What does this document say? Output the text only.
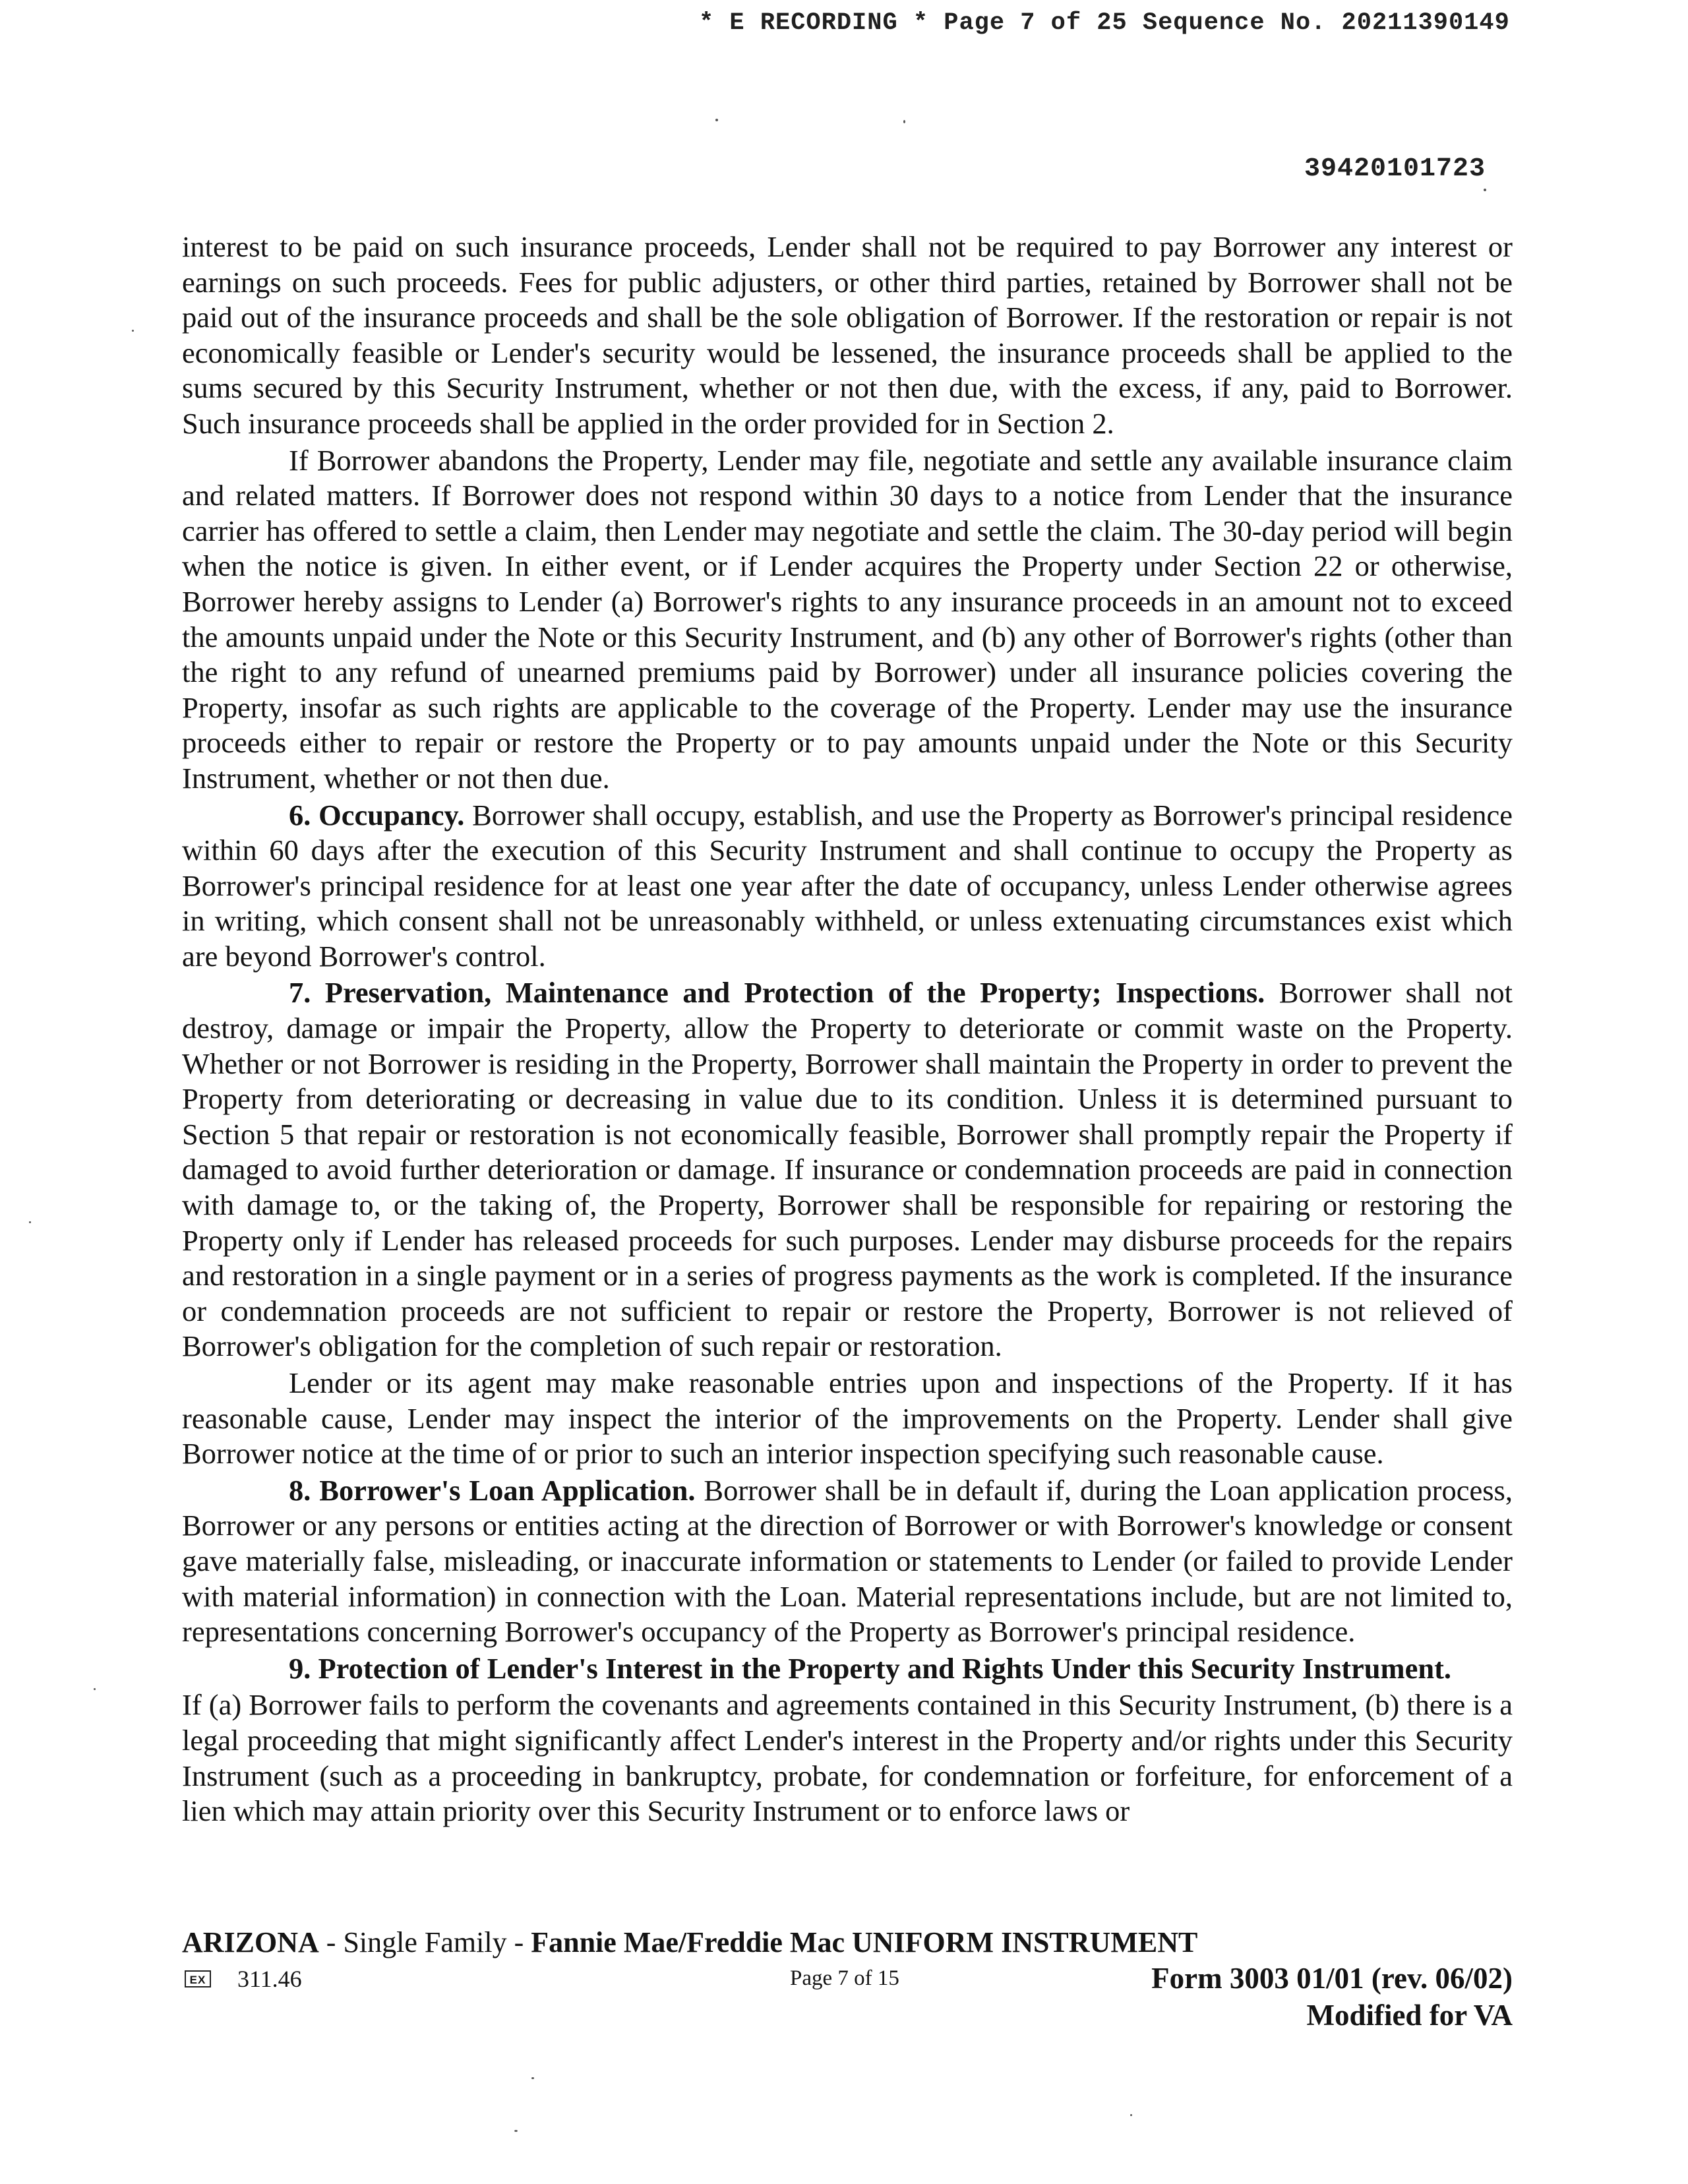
* E RECORDING * Page 7 of 25 Sequence No. 20211390149
39420101723

interest to be paid on such insurance proceeds, Lender shall not be required to pay Borrower any interest or earnings on such proceeds. Fees for public adjusters, or other third parties, retained by Borrower shall not be paid out of the insurance proceeds and shall be the sole obligation of Borrower. If the restoration or repair is not economically feasible or Lender's security would be lessened, the insurance proceeds shall be applied to the sums secured by this Security Instrument, whether or not then due, with the excess, if any, paid to Borrower. Such insurance proceeds shall be applied in the order provided for in Section 2.

If Borrower abandons the Property, Lender may file, negotiate and settle any available insurance claim and related matters. If Borrower does not respond within 30 days to a notice from Lender that the insurance carrier has offered to settle a claim, then Lender may negotiate and settle the claim. The 30-day period will begin when the notice is given. In either event, or if Lender acquires the Property under Section 22 or otherwise, Borrower hereby assigns to Lender (a) Borrower's rights to any insurance proceeds in an amount not to exceed the amounts unpaid under the Note or this Security Instrument, and (b) any other of Borrower's rights (other than the right to any refund of unearned premiums paid by Borrower) under all insurance policies covering the Property, insofar as such rights are applicable to the coverage of the Property. Lender may use the insurance proceeds either to repair or restore the Property or to pay amounts unpaid under the Note or this Security Instrument, whether or not then due.

6. Occupancy. Borrower shall occupy, establish, and use the Property as Borrower's principal residence within 60 days after the execution of this Security Instrument and shall continue to occupy the Property as Borrower's principal residence for at least one year after the date of occupancy, unless Lender otherwise agrees in writing, which consent shall not be unreasonably withheld, or unless extenuating circumstances exist which are beyond Borrower's control.

7. Preservation, Maintenance and Protection of the Property; Inspections. Borrower shall not destroy, damage or impair the Property, allow the Property to deteriorate or commit waste on the Property. Whether or not Borrower is residing in the Property, Borrower shall maintain the Property in order to prevent the Property from deteriorating or decreasing in value due to its condition. Unless it is determined pursuant to Section 5 that repair or restoration is not economically feasible, Borrower shall promptly repair the Property if damaged to avoid further deterioration or damage. If insurance or condemnation proceeds are paid in connection with damage to, or the taking of, the Property, Borrower shall be responsible for repairing or restoring the Property only if Lender has released proceeds for such purposes. Lender may disburse proceeds for the repairs and restoration in a single payment or in a series of progress payments as the work is completed. If the insurance or condemnation proceeds are not sufficient to repair or restore the Property, Borrower is not relieved of Borrower's obligation for the completion of such repair or restoration.

Lender or its agent may make reasonable entries upon and inspections of the Property. If it has reasonable cause, Lender may inspect the interior of the improvements on the Property. Lender shall give Borrower notice at the time of or prior to such an interior inspection specifying such reasonable cause.

8. Borrower's Loan Application. Borrower shall be in default if, during the Loan application process, Borrower or any persons or entities acting at the direction of Borrower or with Borrower's knowledge or consent gave materially false, misleading, or inaccurate information or statements to Lender (or failed to provide Lender with material information) in connection with the Loan. Material representations include, but are not limited to, representations concerning Borrower's occupancy of the Property as Borrower's principal residence.

9. Protection of Lender's Interest in the Property and Rights Under this Security Instrument.

If (a) Borrower fails to perform the covenants and agreements contained in this Security Instrument, (b) there is a legal proceeding that might significantly affect Lender's interest in the Property and/or rights under this Security Instrument (such as a proceeding in bankruptcy, probate, for condemnation or forfeiture, for enforcement of a lien which may attain priority over this Security Instrument or to enforce laws or

ARIZONA - Single Family - Fannie Mae/Freddie Mac UNIFORM INSTRUMENT
EX 311.46	Page 7 of 15	Form 3003 01/01 (rev. 06/02)
Modified for VA
